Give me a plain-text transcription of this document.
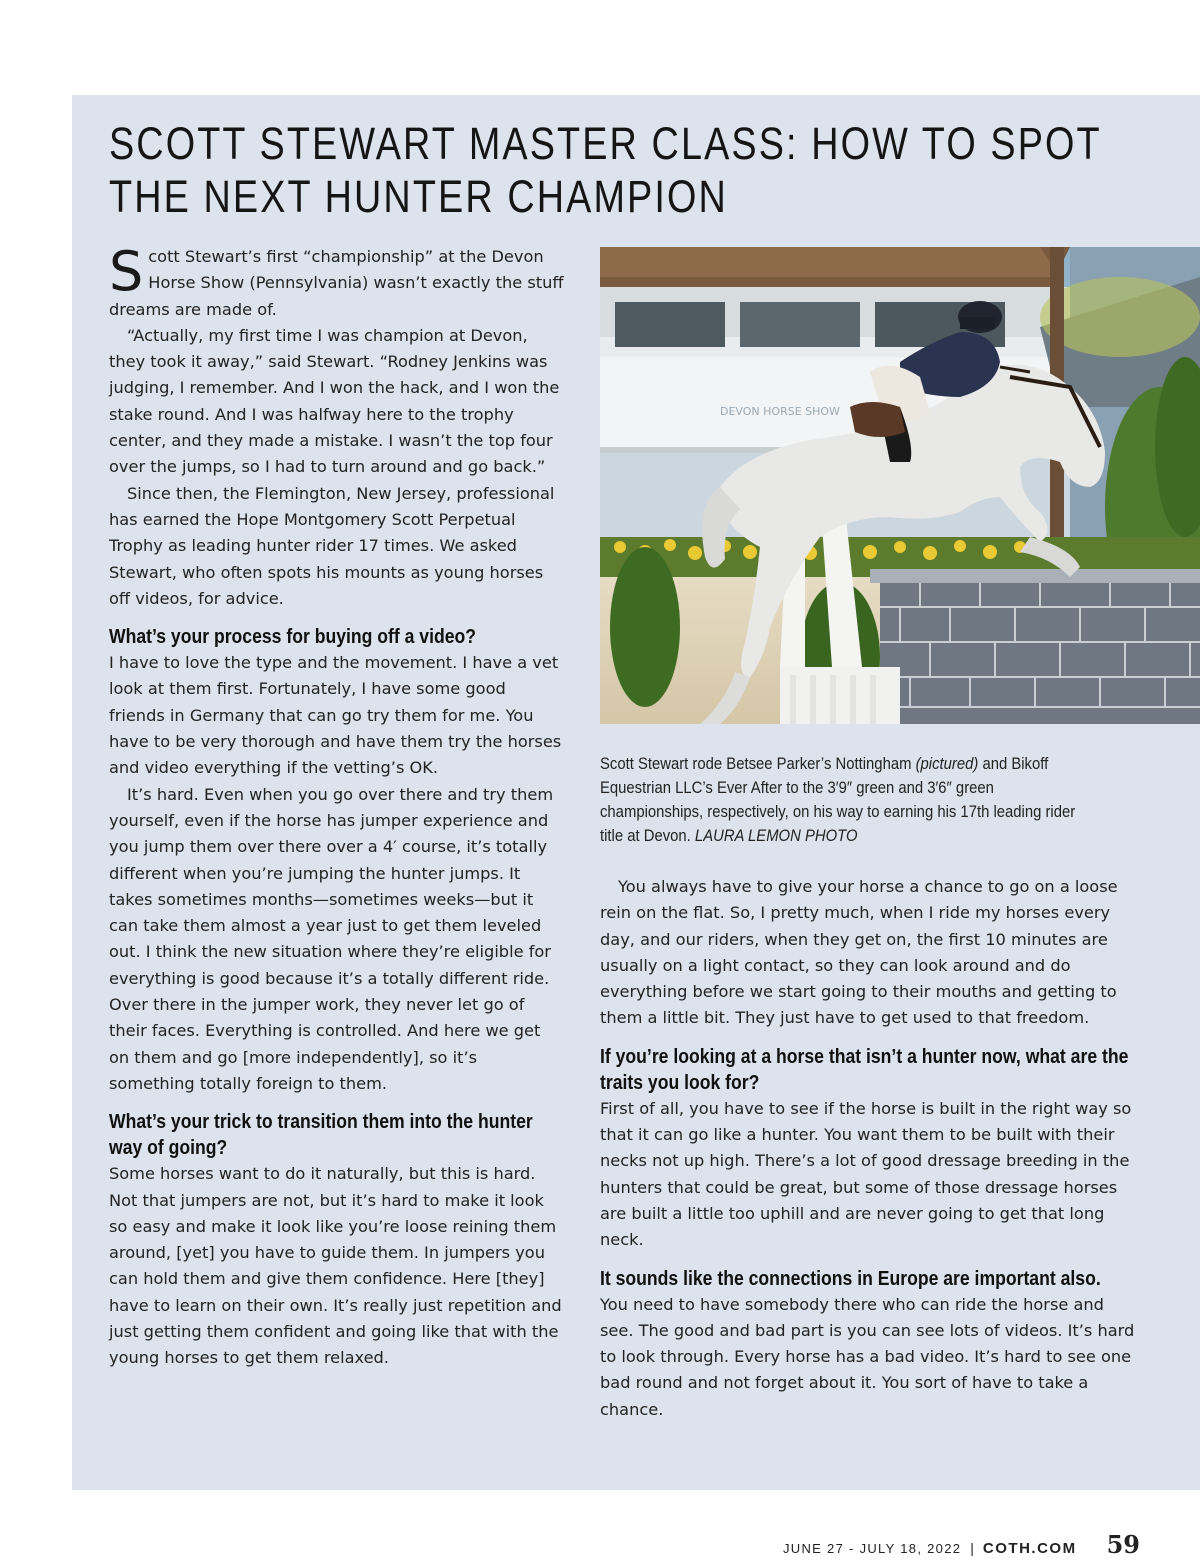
SCOTT STEWART MASTER CLASS: HOW TO SPOT
THE NEXT HUNTER CHAMPION

Scott Stewart’s first “championship” at the Devon Horse Show (Pennsylvania) wasn’t exactly the stuff dreams are made of.

“Actually, my first time I was champion at Devon, they took it away,” said Stewart. “Rodney Jenkins was judging, I remember. And I won the hack, and I won the stake round. And I was halfway here to the trophy center, and they made a mistake. I wasn’t the top four over the jumps, so I had to turn around and go back.”

Since then, the Flemington, New Jersey, professional has earned the Hope Montgomery Scott Perpetual Trophy as leading hunter rider 17 times. We asked Stewart, who often spots his mounts as young horses off videos, for advice.

What’s your process for buying off a video?

I have to love the type and the movement. I have a vet look at them first. Fortunately, I have some good friends in Germany that can go try them for me. You have to be very thorough and have them try the horses and video everything if the vetting’s OK.

It’s hard. Even when you go over there and try them yourself, even if the horse has jumper experience and you jump them over there over a 4′ course, it’s totally different when you’re jumping the hunter jumps. It takes sometimes months—sometimes weeks—but it can take them almost a year just to get them leveled out. I think the new situation where they’re eligible for everything is good because it’s a totally different ride. Over there in the jumper work, they never let go of their faces. Everything is controlled. And here we get on them and go [more independently], so it’s something totally foreign to them.

What’s your trick to transition them into the hunter way of going?

Some horses want to do it naturally, but this is hard. Not that jumpers are not, but it’s hard to make it look so easy and make it look like you’re loose reining them around, [yet] you have to guide them. In jumpers you can hold them and give them confidence. Here [they] have to learn on their own. It’s really just repetition and just getting them confident and going like that with the young horses to get them relaxed.

DEVON HORSE SHOW
Scott Stewart rode Betsee Parker’s Nottingham (pictured) and Bikoff Equestrian LLC’s Ever After to the 3′9″ green and 3′6″ green championships, respectively, on his way to earning his 17th leading rider title at Devon. LAURA LEMON PHOTO

You always have to give your horse a chance to go on a loose rein on the flat. So, I pretty much, when I ride my horses every day, and our riders, when they get on, the first 10 minutes are usually on a light contact, so they can look around and do everything before we start going to their mouths and getting to them a little bit. They just have to get used to that freedom.

If you’re looking at a horse that isn’t a hunter now, what are the traits you look for?

First of all, you have to see if the horse is built in the right way so that it can go like a hunter. You want them to be built with their necks not up high. There’s a lot of good dressage breeding in the hunters that could be great, but some of those dressage horses are built a little too uphill and are never going to get that long neck.

It sounds like the connections in Europe are important also.

You need to have somebody there who can ride the horse and see. The good and bad part is you can see lots of videos. It’s hard to look through. Every horse has a bad video. It’s hard to see one bad round and not forget about it. You sort of have to take a chance.

JUNE 27 - JULY 18, 2022 | COTH.COM 59
